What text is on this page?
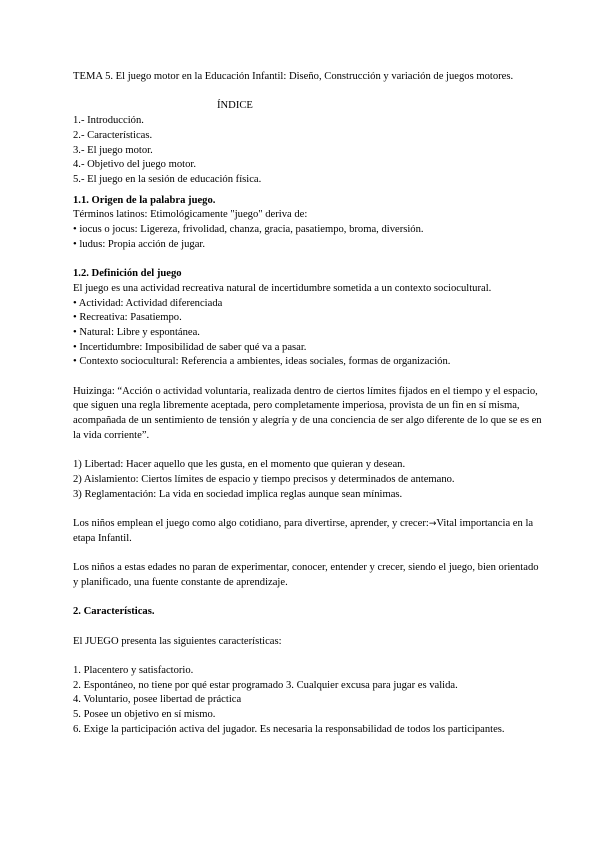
TEMA 5. El juego motor en la Educación Infantil: Diseño, Construcción y variación de juegos motores.

ÍNDICE

1.- Introducción.
2.- Características.
3.- El juego motor.
4.- Objetivo del juego motor.
5.- El juego en la sesión de educación física.

1.1. Origen de la palabra juego.

Términos latinos: Etimológicamente "juego" deriva de:
• iocus o jocus: Ligereza, frivolidad, chanza, gracia, pasatiempo, broma, diversión.
• ludus: Propia acción de jugar.

1.2. Definición del juego

El juego es una actividad recreativa natural de incertidumbre sometida a un contexto sociocultural.
• Actividad: Actividad diferenciada
• Recreativa: Pasatiempo.
• Natural: Libre y espontánea.
• Incertidumbre: Imposibilidad de saber qué va a pasar.
• Contexto sociocultural: Referencia a ambientes, ideas sociales, formas de organización.

Huizinga: “Acción o actividad voluntaria, realizada dentro de ciertos límites fijados en el tiempo y el espacio, que siguen una regla libremente aceptada, pero completamente imperiosa, provista de un fin en sí misma, acompañada de un sentimiento de tensión y alegría y de una conciencia de ser algo diferente de lo que se es en la vida corriente”.

1) Libertad: Hacer aquello que les gusta, en el momento que quieran y desean.
2) Aislamiento: Ciertos límites de espacio y tiempo precisos y determinados de antemano.
3) Reglamentación: La vida en sociedad implica reglas aunque sean mínimas.

Los niños emplean el juego como algo cotidiano, para divertirse, aprender, y crecer:→Vital importancia en la etapa Infantil.

Los niños a estas edades no paran de experimentar, conocer, entender y crecer, siendo el juego, bien orientado y planificado, una fuente constante de aprendizaje.

2. Características.

El JUEGO presenta las siguientes características:
1. Placentero y satisfactorio.
2. Espontáneo, no tiene por qué estar programado 3. Cualquier excusa para jugar es valida.
4. Voluntario, posee libertad de práctica
5. Posee un objetivo en sí mismo.
6. Exige la participación activa del jugador. Es necesaria la responsabilidad de todos los participantes.
